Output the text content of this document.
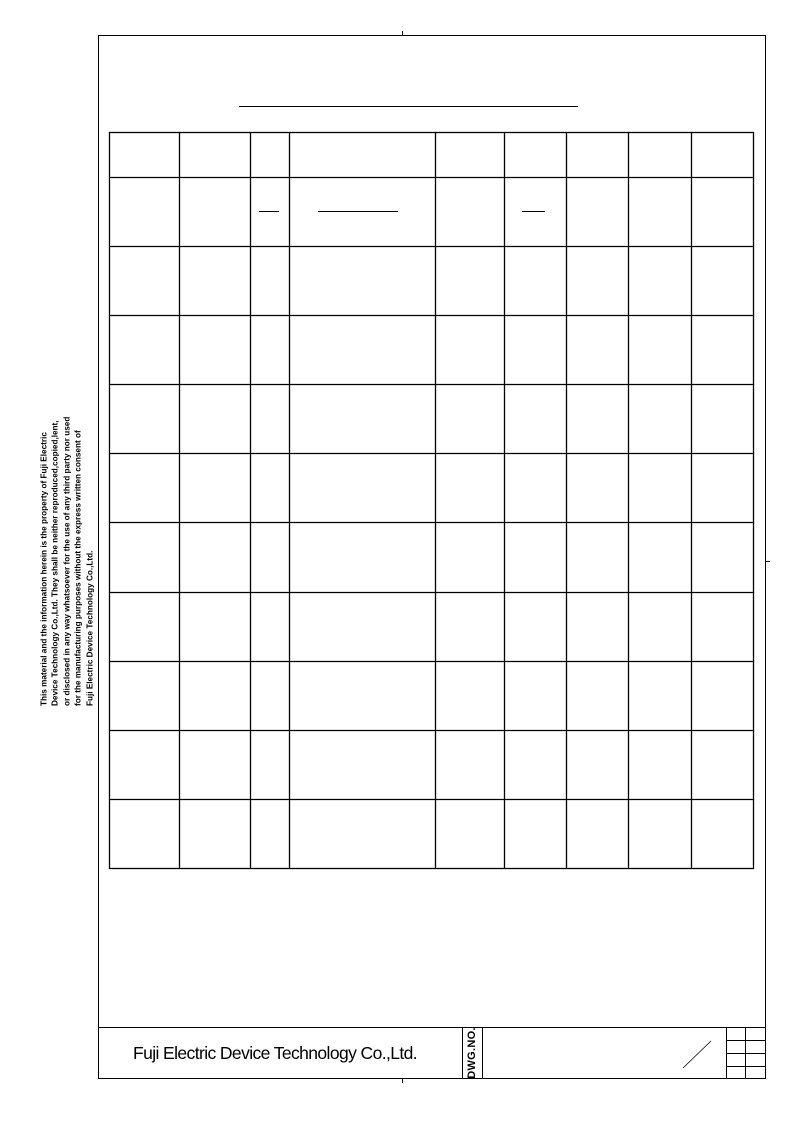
This material and the information herein is the property of Fuji Electric Device Technology Co.,Ltd. They shall be neither reproduced,copied,lent, or disclosed in any way whatsoever for the use of any third party nor used for the manufacturing purposes without the express written consent of Fuji Electric Device Technology Co.,Ltd.
Fuji Electric Device Technology Co.,Ltd.	DWG.NO.
